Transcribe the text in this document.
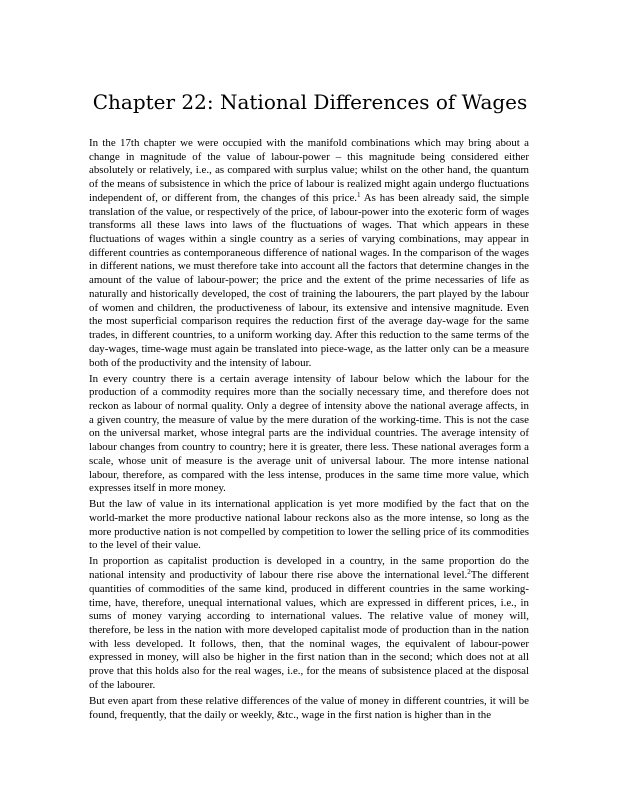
Chapter 22: National Differences of Wages

In the 17th chapter we were occupied with the manifold combinations which may bring about a change in magnitude of the value of labour-power – this magnitude being considered either absolutely or relatively, i.e., as compared with surplus value; whilst on the other hand, the quantum of the means of subsistence in which the price of labour is realized might again undergo fluctuations independent of, or different from, the changes of this price.$^1$ As has been already said, the simple translation of the value, or respectively of the price, of labour-power into the exoteric form of wages transforms all these laws into laws of the fluctuations of wages. That which appears in these fluctuations of wages within a single country as a series of varying combinations, may appear in different countries as contemporaneous difference of national wages. In the comparison of the wages in different nations, we must therefore take into account all the factors that determine changes in the amount of the value of labour-power; the price and the extent of the prime necessaries of life as naturally and historically developed, the cost of training the labourers, the part played by the labour of women and children, the productiveness of labour, its extensive and intensive magnitude. Even the most superficial comparison requires the reduction first of the average day-wage for the same trades, in different countries, to a uniform working day. After this reduction to the same terms of the day-wages, time-wage must again be translated into piece-wage, as the latter only can be a measure both of the productivity and the intensity of labour.

In every country there is a certain average intensity of labour below which the labour for the production of a commodity requires more than the socially necessary time, and therefore does not reckon as labour of normal quality. Only a degree of intensity above the national average affects, in a given country, the measure of value by the mere duration of the working-time. This is not the case on the universal market, whose integral parts are the individual countries. The average intensity of labour changes from country to country; here it is greater, there less. These national averages form a scale, whose unit of measure is the average unit of universal labour. The more intense national labour, therefore, as compared with the less intense, produces in the same time more value, which expresses itself in more money.

But the law of value in its international application is yet more modified by the fact that on the world-market the more productive national labour reckons also as the more intense, so long as the more productive nation is not compelled by competition to lower the selling price of its commodities to the level of their value.

In proportion as capitalist production is developed in a country, in the same proportion do the national intensity and productivity of labour there rise above the international level.$^2$The different quantities of commodities of the same kind, produced in different countries in the same working-time, have, therefore, unequal international values, which are expressed in different prices, i.e., in sums of money varying according to international values. The relative value of money will, therefore, be less in the nation with more developed capitalist mode of production than in the nation with less developed. It follows, then, that the nominal wages, the equivalent of labour-power expressed in money, will also be higher in the first nation than in the second; which does not at all prove that this holds also for the real wages, i.e., for the means of subsistence placed at the disposal of the labourer.

But even apart from these relative differences of the value of money in different countries, it will be found, frequently, that the daily or weekly, &tc., wage in the first nation is higher than in the
